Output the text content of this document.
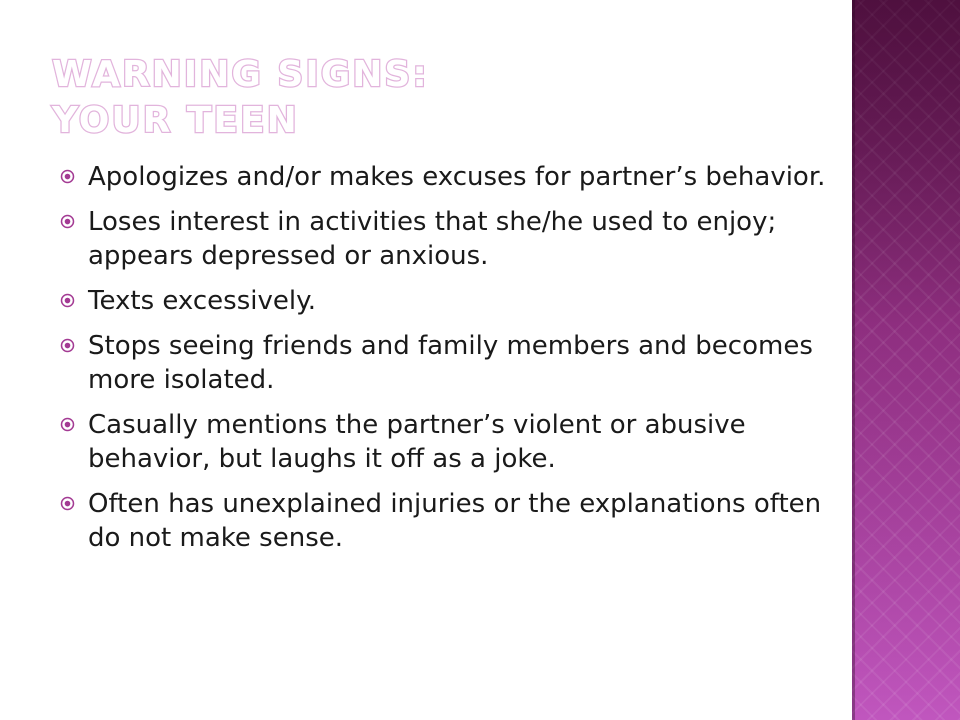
WARNING SIGNS:
YOUR TEEN
Apologizes and/or makes excuses for partner’s behavior.
Loses interest in activities that she/he used to enjoy; appears depressed or anxious.
Texts excessively.
Stops seeing friends and family members and becomes more isolated.
Casually mentions the partner’s violent or abusive behavior, but laughs it off as a joke.
Often has unexplained injuries or the explanations often do not make sense.
